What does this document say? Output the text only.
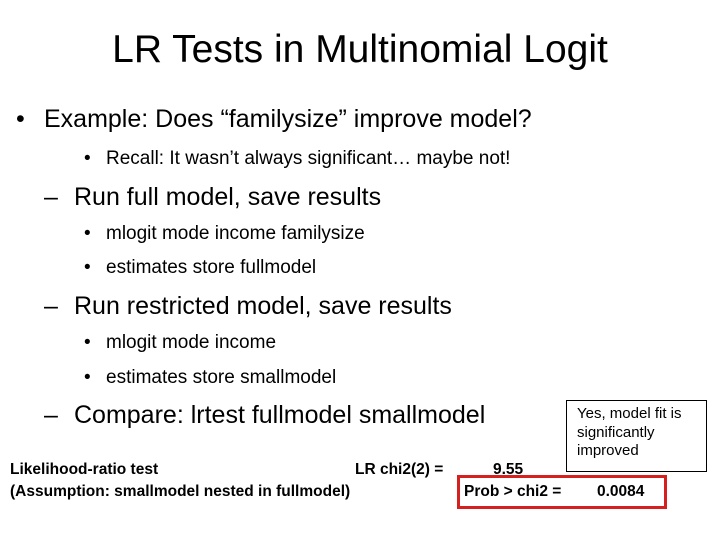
LR Tests in Multinomial Logit
• Example: Does “familysize” improve model?
• Recall: It wasn’t always significant… maybe not!
– Run full model, save results
• mlogit mode income familysize
• estimates store fullmodel
– Run restricted model, save results
• mlogit mode income
• estimates store smallmodel
– Compare: lrtest fullmodel smallmodel	Yes, model fit is significantly improved
Likelihood-ratio test	LR chi2(2) =	9.55
(Assumption: smallmodel nested in fullmodel)	Prob > chi2 = 0.0084
